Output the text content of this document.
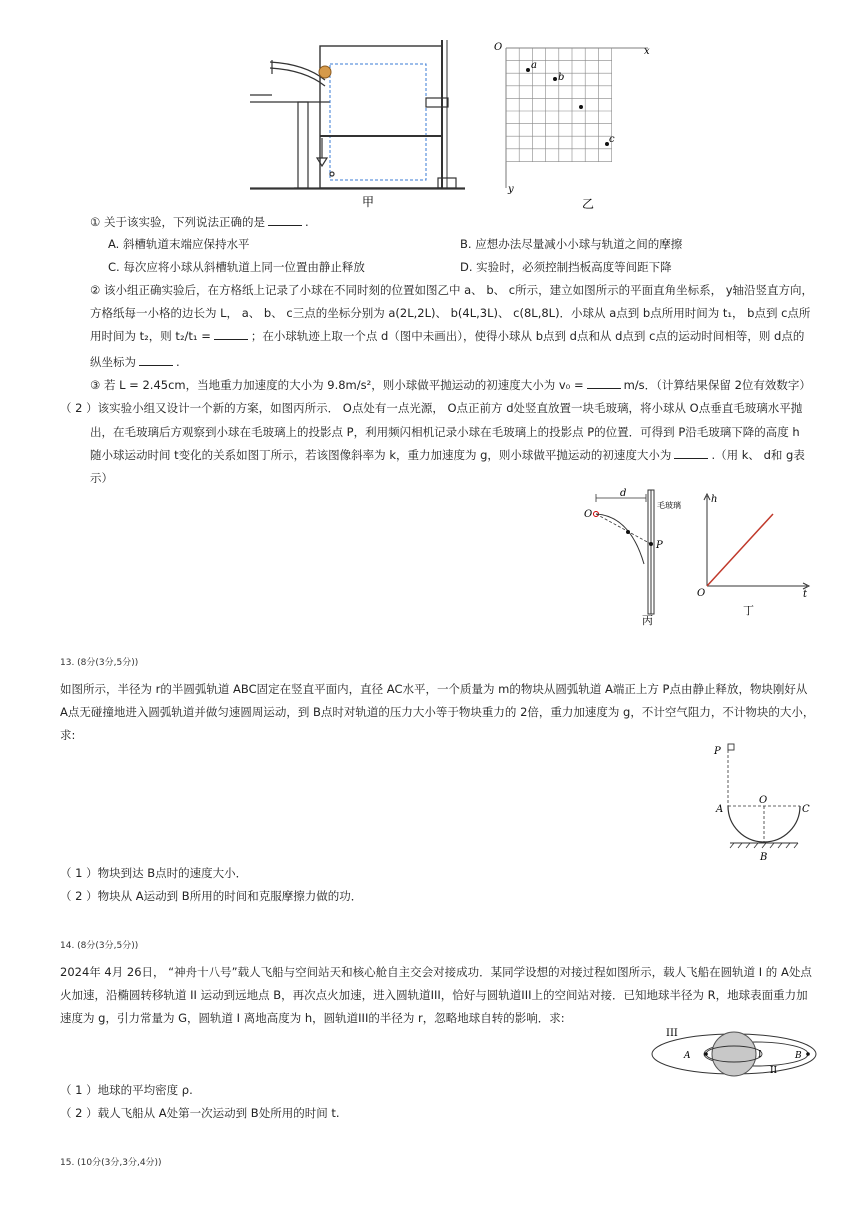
甲
O	x
y
a
b
c
乙
① 关于该实验，下列说法正确的是	.
A. 斜槽轨道末端应保持水平	B. 应想办法尽量减小小球与轨道之间的摩擦
C. 每次应将小球从斜槽轨道上同一位置由静止释放	D. 实验时，必须控制挡板高度等间距下降
② 该小组正确实验后，在方格纸上记录了小球在不同时刻的位置如图乙中 a、 b、 c所示，建立如图所示的平面直角坐标系， y轴沿竖直方向，
方格纸每一小格的边长为 L， a、 b、 c三点的坐标分别为 a(2L,2L)、 b(4L,3L)、 c(8L,8L)．小球从 a点到 b点所用时间为 t₁， b点到 c点所
用时间为 t₂，则 t₂/t₁ =	；在小球轨迹上取一个点 d（图中未画出），使得小球从 b点到 d点和从 d点到 c点的运动时间相等，则 d点的
纵坐标为	.
③ 若 L = 2.45cm，当地重力加速度的大小为 9.8m/s²，则小球做平抛运动的初速度大小为 v₀ =	m/s．（计算结果保留 2位有效数字）
（ 2 ）该实验小组又设计一个新的方案，如图丙所示． O点处有一点光源， O点正前方 d处竖直放置一块毛玻璃，将小球从 O点垂直毛玻璃水平抛
出，在毛玻璃后方观察到小球在毛玻璃上的投影点 P，利用频闪相机记录小球在毛玻璃上的投影点 P的位置．可得到 P沿毛玻璃下降的高度 h
随小球运动时间 t变化的关系如图丁所示，若该图像斜率为 k，重力加速度为 g，则小球做平抛运动的初速度大小为	.（用 k、 d和 g表
示）
O
d
P
毛玻璃
丙
h
O	t
丁
13. (8分(3分,5分))
如图所示，半径为 r的半圆弧轨道 ABC固定在竖直平面内，直径 AC水平，一个质量为 m的物块从圆弧轨道 A端正上方 P点由静止释放，物块刚好从
A点无碰撞地进入圆弧轨道并做匀速圆周运动，到 B点时对轨道的压力大小等于物块重力的 2倍，重力加速度为 g，不计空气阻力，不计物块的大小，
求:
P
A
O
C
B
（ 1 ）物块到达 B点时的速度大小．
（ 2 ）物块从 A运动到 B所用的时间和克服摩擦力做的功．
14. (8分(3分,5分))
2024年 4月 26日， “神舟十八号”载人飞船与空间站天和核心舱自主交会对接成功．某同学设想的对接过程如图所示，载人飞船在圆轨道 I 的 A处点
火加速，沿椭圆转移轨道 II 运动到远地点 B，再次点火加速，进入圆轨道III，恰好与圆轨道III上的空间站对接．已知地球半径为 R，地球表面重力加
速度为 g，引力常量为 G，圆轨道 I 离地高度为 h，圆轨道III的半径为 r，忽略地球自转的影响．求:
III
A	I	B
II
（ 1 ）地球的平均密度 ρ.
（ 2 ）载人飞船从 A处第一次运动到 B处所用的时间 t.
15. (10分(3分,3分,4分))
